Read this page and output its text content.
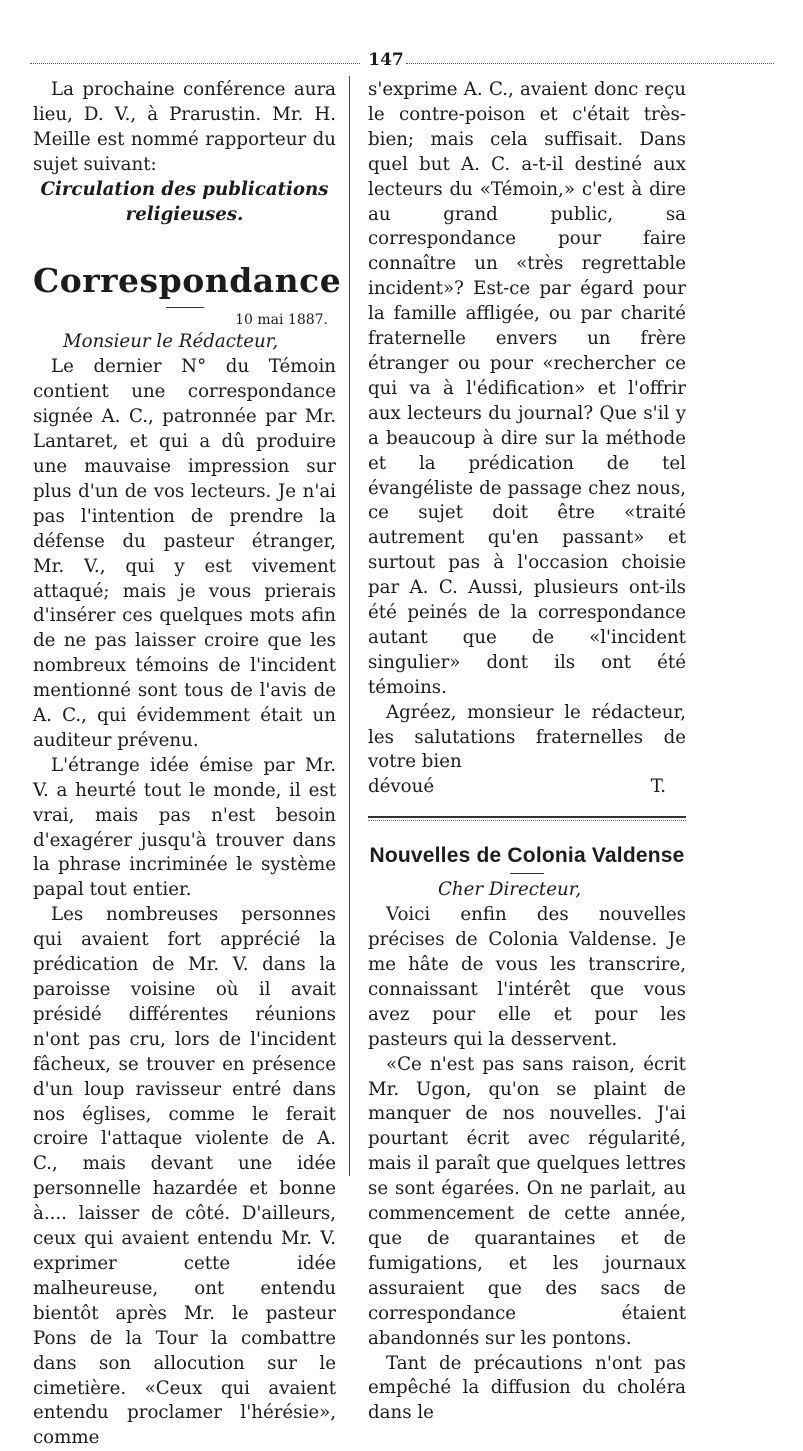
147

La prochaine conférence aura lieu, D. V., à Prarustin. Mr. H. Meille est nommé rapporteur du sujet suivant:

Circulation des publications religieuses.

Correspondance
10 mai 1887.

Monsieur le Rédacteur,

Le dernier N° du Témoin contient une correspondance signée A. C., patronnée par Mr. Lantaret, et qui a dû produire une mauvaise impression sur plus d'un de vos lecteurs. Je n'ai pas l'intention de prendre la défense du pasteur étranger, Mr. V., qui y est vivement attaqué; mais je vous prierais d'insérer ces quelques mots afin de ne pas laisser croire que les nombreux témoins de l'incident mentionné sont tous de l'avis de A. C., qui évidemment était un auditeur prévenu.

L'étrange idée émise par Mr. V. a heurté tout le monde, il est vrai, mais pas n'est besoin d'exagérer jusqu'à trouver dans la phrase incriminée le système papal tout entier.

Les nombreuses personnes qui avaient fort apprécié la prédication de Mr. V. dans la paroisse voisine où il avait présidé différentes réunions n'ont pas cru, lors de l'incident fâcheux, se trouver en présence d'un loup ravisseur entré dans nos églises, comme le ferait croire l'attaque violente de A. C., mais devant une idée personnelle hazardée et bonne à.... laisser de côté. D'ailleurs, ceux qui avaient entendu Mr. V. exprimer cette idée malheureuse, ont entendu bientôt après Mr. le pasteur Pons de la Tour la combattre dans son allocution sur le cimetière. «Ceux qui avaient entendu proclamer l'hérésie», comme

s'exprime A. C., avaient donc reçu le contre-poison et c'était très-bien; mais cela suffisait. Dans quel but A. C. a-t-il destiné aux lecteurs du «Témoin,» c'est à dire au grand public, sa correspondance pour faire connaître un «très regrettable incident»? Est-ce par égard pour la famille affligée, ou par charité fraternelle envers un frère étranger ou pour «rechercher ce qui va à l'édification» et l'offrir aux lecteurs du journal? Que s'il y a beaucoup à dire sur la méthode et la prédication de tel évangéliste de passage chez nous, ce sujet doit être «traité autrement qu'en passant» et surtout pas à l'occasion choisie par A. C. Aussi, plusieurs ont-ils été peinés de la correspondance autant que de «l'incident singulier» dont ils ont été témoins.

Agréez, monsieur le rédacteur, les salutations fraternelles de votre bien

dévoué	T.
Nouvelles de Colonia Valdense

Cher Directeur,

Voici enfin des nouvelles précises de Colonia Valdense. Je me hâte de vous les transcrire, connaissant l'intérêt que vous avez pour elle et pour les pasteurs qui la desservent.

«Ce n'est pas sans raison, écrit Mr. Ugon, qu'on se plaint de manquer de nos nouvelles. J'ai pourtant écrit avec régularité, mais il paraît que quelques lettres se sont égarées. On ne parlait, au commencement de cette année, que de quarantaines et de fumigations, et les journaux assuraient que des sacs de correspondance étaient abandonnés sur les pontons.

Tant de précautions n'ont pas empêché la diffusion du choléra dans le
